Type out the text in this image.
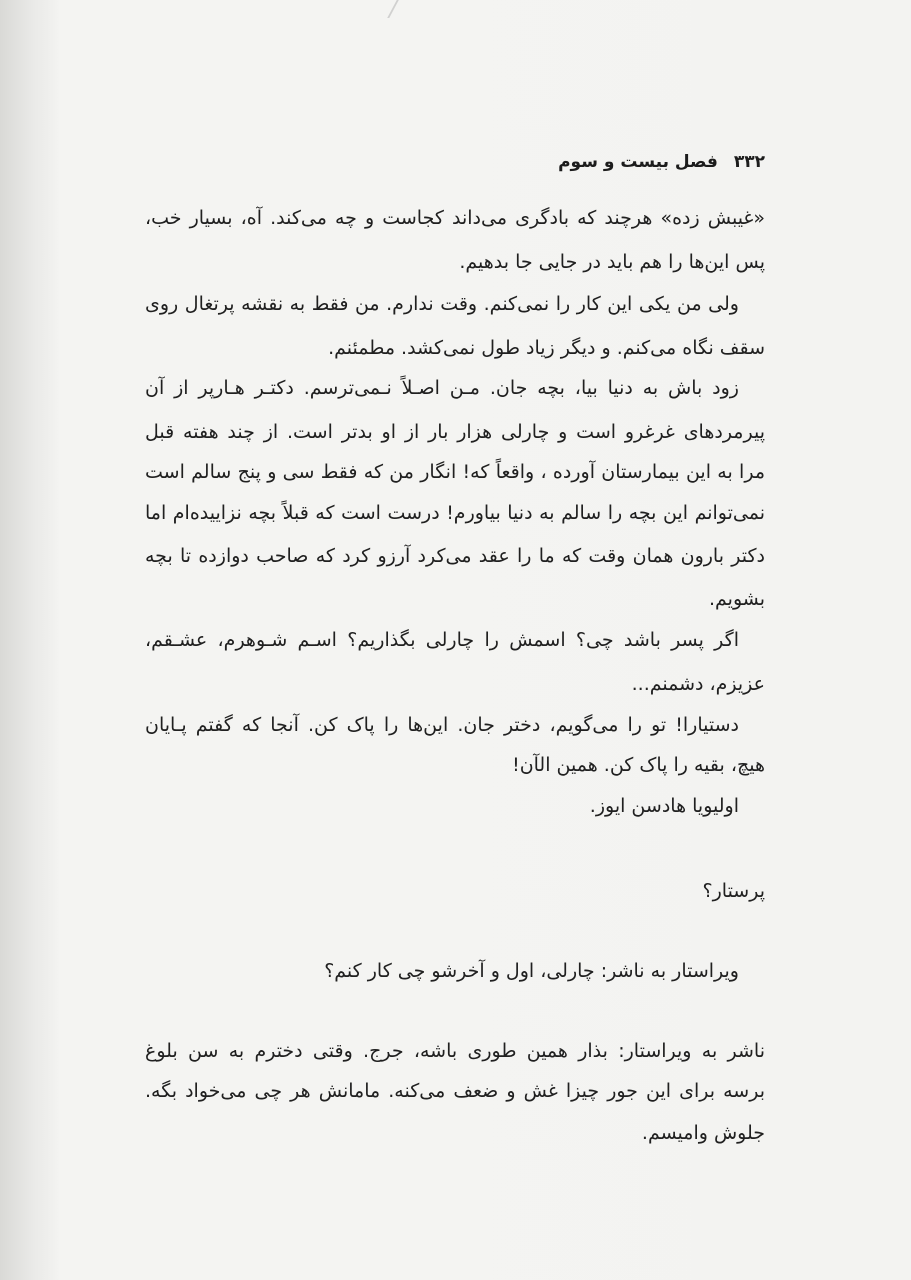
۳۳۲ فصل بیست و سوم
«غیبش زده» هرچند که بادگری می‌داند کجاست و چه می‌کند. آه، بسیار خب،
پس این‌ها را هم باید در جایی جا بدهیم.
ولی من یکی این کار را نمی‌کنم. وقت ندارم. من فقط به نقشه پرتغال روی
سقف نگاه می‌کنم. و دیگر زیاد طول نمی‌کشد. مطمئنم.
زود باش به دنیا بیا، بچه جان. مـن اصـلاً نـمی‌ترسم. دکتـر هـارپر از آن
پیرمردهای غرغرو است و چارلی هزار بار از او بدتر است. از چند هفته قبل
مرا به این بیمارستان آورده ، واقعاً که! انگار من که فقط سی و پنج سالم است
نمی‌توانم این بچه را سالم به دنیا بیاورم! درست است که قبلاً بچه نزاییده‌ام اما
دکتر بارون همان وقت که ما را عقد می‌کرد آرزو کرد که صاحب دوازده تا بچه
بشویم.
اگر پسر باشد چی؟ اسمش را چارلی بگذاریم؟ اسـم شـوهرم، عشـقم،
عزیزم، دشمنم...
دستیارا! تو را می‌گویم، دختر جان. این‌ها را پاک کن. آنجا که گفتم پـایان
هیچ، بقیه را پاک کن. همین الآن!
اولیویا هادسن ایوز.
پرستار؟
ویراستار به ناشر: چارلی، اول و آخرشو چی کار کنم؟
ناشر به ویراستار: بذار همین طوری باشه، جرج. وقتی دخترم به سن بلوغ
برسه برای این جور چیزا غش و ضعف می‌کنه. مامانش هر چی می‌خواد بگه.
جلوش وامیسم.
